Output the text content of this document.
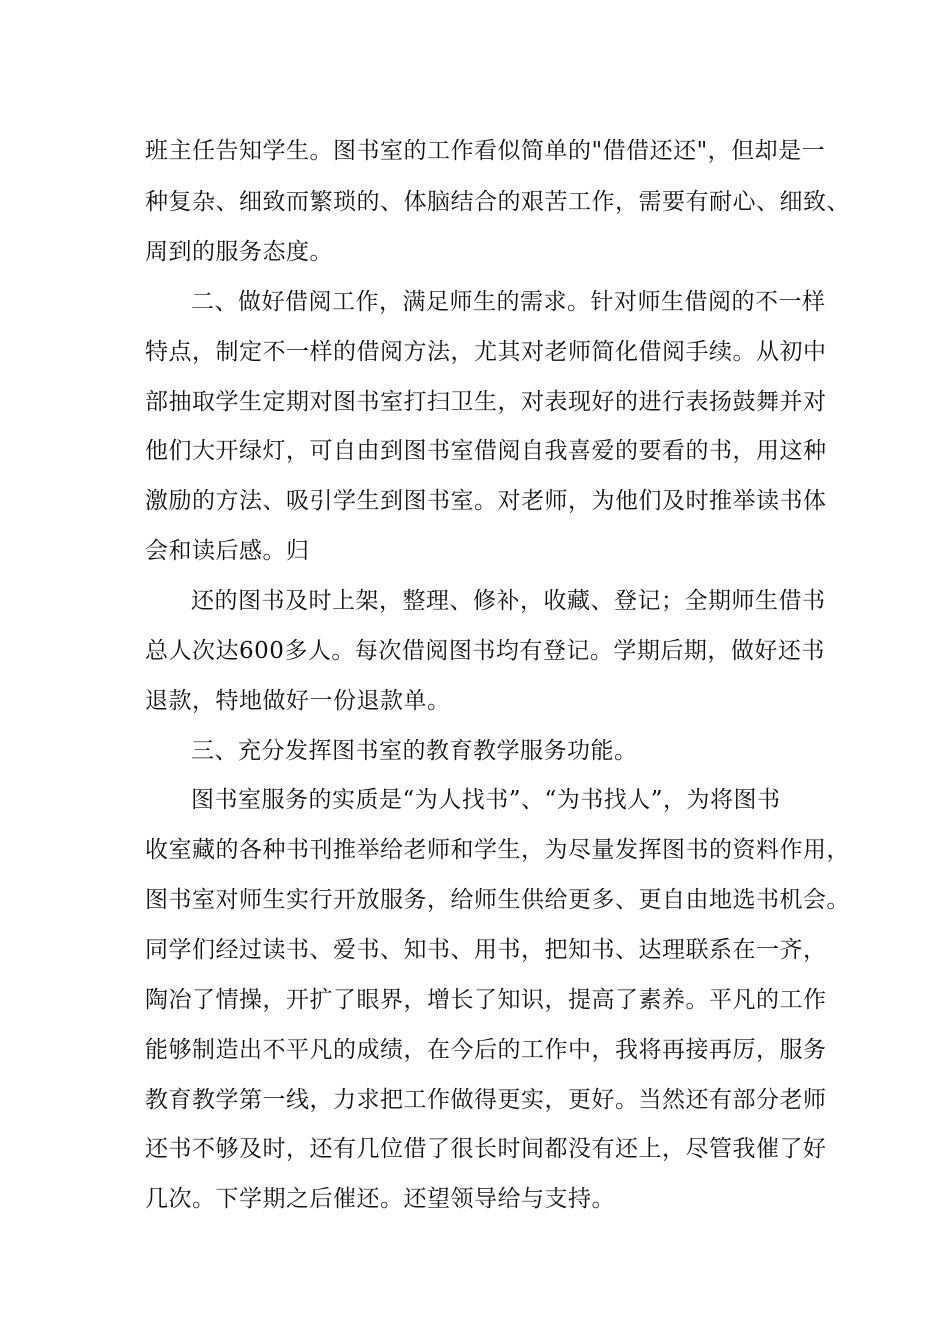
班主任告知学生。图书室的工作看似简单的"借借还还"，但却是一
种复杂、细致而繁琐的、体脑结合的艰苦工作，需要有耐心、细致、
周到的服务态度。
二、做好借阅工作，满足师生的需求。针对师生借阅的不一样
特点，制定不一样的借阅方法，尤其对老师简化借阅手续。从初中
部抽取学生定期对图书室打扫卫生，对表现好的进行表扬鼓舞并对
他们大开绿灯，可自由到图书室借阅自我喜爱的要看的书，用这种
激励的方法、吸引学生到图书室。对老师，为他们及时推举读书体
会和读后感。归
还的图书及时上架，整理、修补，收藏、登记；全期师生借书
总人次达600多人。每次借阅图书均有登记。学期后期，做好还书
退款，特地做好一份退款单。
三、充分发挥图书室的教育教学服务功能。
图书室服务的实质是“为人找书”、“为书找人”，为将图书
收室藏的各种书刊推举给老师和学生，为尽量发挥图书的资料作用，
图书室对师生实行开放服务，给师生供给更多、更自由地选书机会。
同学们经过读书、爱书、知书、用书，把知书、达理联系在一齐，
陶冶了情操，开扩了眼界，增长了知识，提高了素养。平凡的工作
能够制造出不平凡的成绩，在今后的工作中，我将再接再厉，服务
教育教学第一线，力求把工作做得更实，更好。当然还有部分老师
还书不够及时，还有几位借了很长时间都没有还上，尽管我催了好
几次。下学期之后催还。还望领导给与支持。
